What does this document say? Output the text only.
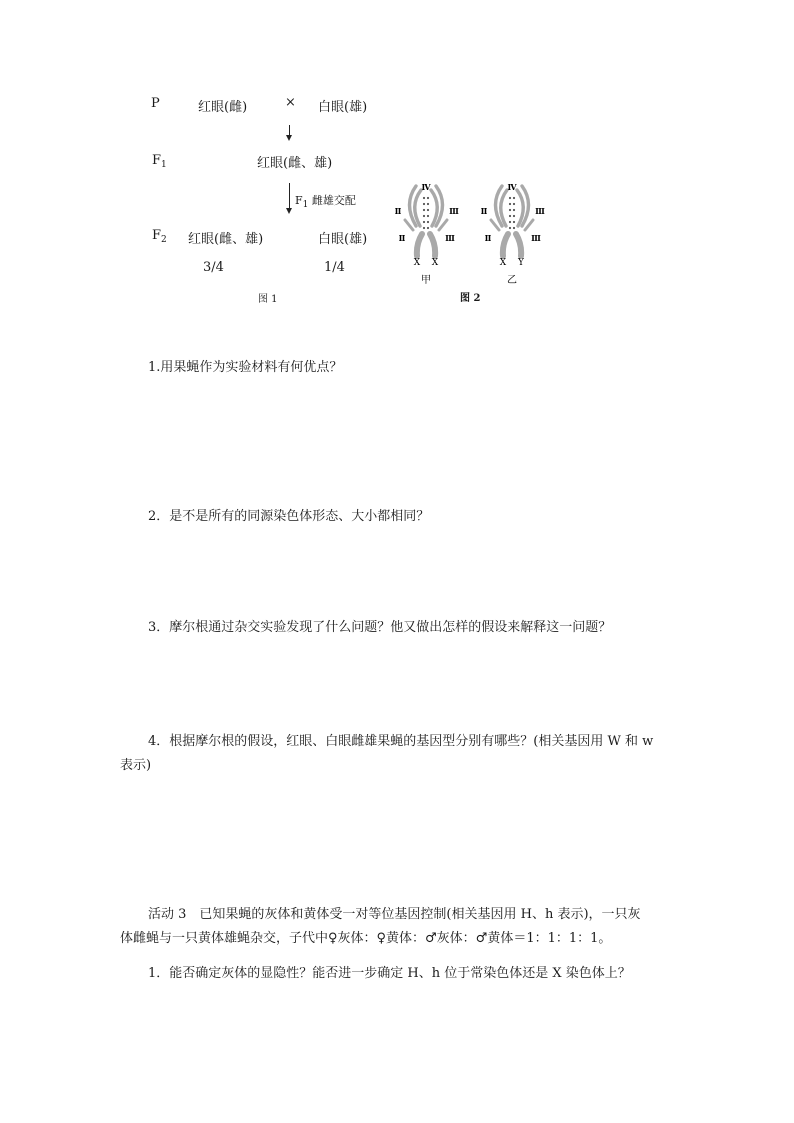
P	红眼(雌)	× 白眼(雄)
$F_1$	红眼(雌、雄)
$F_1$ 雌雄交配
$F_2$ 红眼(雌、雄)	白眼(雄)
3/4	1/4
图 1
Ⅳ
Ⅱ	Ⅲ
Ⅱ	Ⅲ
X X
甲
Ⅳ
Ⅱ	Ⅲ
Ⅱ	Ⅲ
X Y
乙
图 2
1.用果蝇作为实验材料有何优点？
2．是不是所有的同源染色体形态、大小都相同？
3．摩尔根通过杂交实验发现了什么问题？他又做出怎样的假设来解释这一问题？
4．根据摩尔根的假设，红眼、白眼雌雄果蝇的基因型分别有哪些？(相关基因用 W 和 w
表示)
活动 3　已知果蝇的灰体和黄体受一对等位基因控制(相关基因用 H、h 表示)，一只灰
体雌蝇与一只黄体雄蝇杂交，子代中♀灰体：♀黄体：♂灰体：♂黄体＝1：1：1：1。
1．能否确定灰体的显隐性？能否进一步确定 H、h 位于常染色体还是 X 染色体上？
